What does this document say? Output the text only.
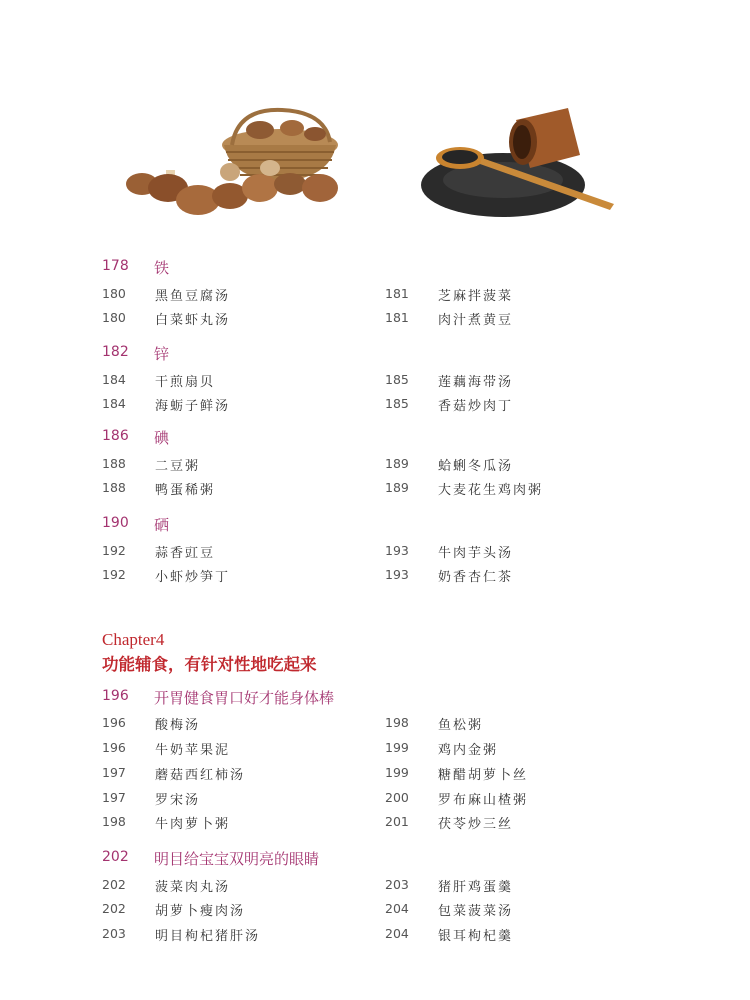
178 铁
180 黑鱼豆腐汤	181 芝麻拌菠菜
180 白菜虾丸汤	181 肉汁煮黄豆
182 锌
184 干煎扇贝	185 莲藕海带汤
184 海蛎子鲜汤	185 香菇炒肉丁
186 碘
188 二豆粥	189 蛤蜊冬瓜汤
188 鸭蛋稀粥	189 大麦花生鸡肉粥
190 硒
192 蒜香豇豆	193 牛肉芋头汤
192 小虾炒笋丁	193 奶香杏仁茶
Chapter4
功能辅食，有针对性地吃起来
196 开胃健食胃口好才能身体棒
196 酸梅汤	198 鱼松粥
196 牛奶苹果泥	199 鸡内金粥
197 蘑菇西红柿汤	199 糖醋胡萝卜丝
197 罗宋汤	200 罗布麻山楂粥
198 牛肉萝卜粥	201 茯苓炒三丝
202 明目给宝宝双明亮的眼睛
202 菠菜肉丸汤	203 猪肝鸡蛋羹
202 胡萝卜瘦肉汤	204 包菜菠菜汤
203 明目枸杞猪肝汤	204 银耳枸杞羹
